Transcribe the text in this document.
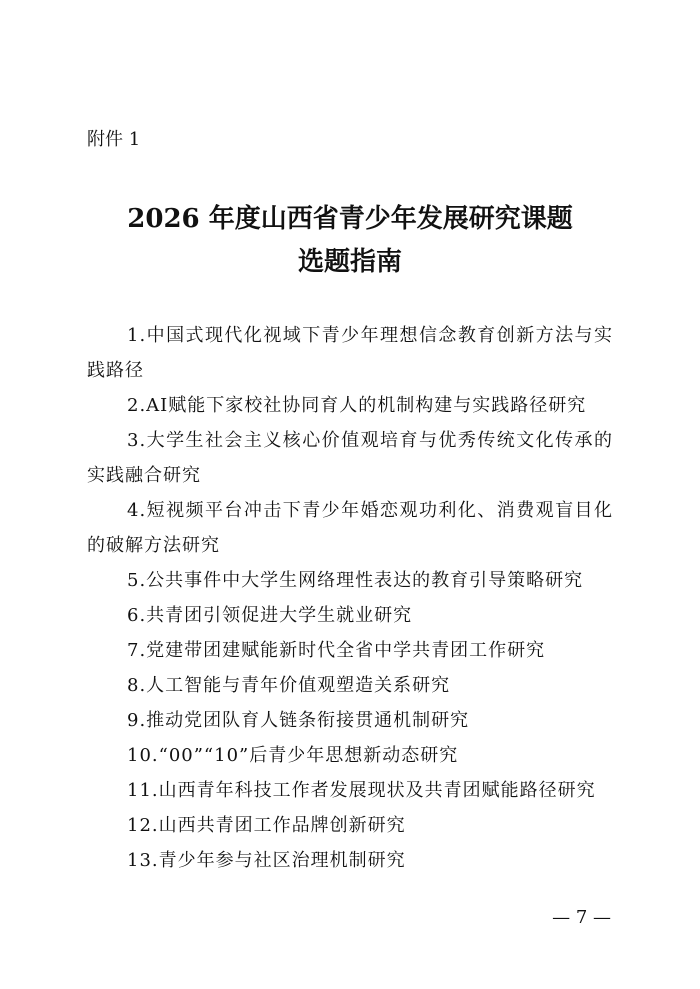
附件 1
2026 年度山西省青少年发展研究课题
选题指南
1.中国式现代化视域下青少年理想信念教育创新方法与实践路径
2.AI赋能下家校社协同育人的机制构建与实践路径研究
3.大学生社会主义核心价值观培育与优秀传统文化传承的实践融合研究
4.短视频平台冲击下青少年婚恋观功利化、消费观盲目化的破解方法研究
5.公共事件中大学生网络理性表达的教育引导策略研究
6.共青团引领促进大学生就业研究
7.党建带团建赋能新时代全省中学共青团工作研究
8.人工智能与青年价值观塑造关系研究
9.推动党团队育人链条衔接贯通机制研究
10.“00”“10”后青少年思想新动态研究
11.山西青年科技工作者发展现状及共青团赋能路径研究
12.山西共青团工作品牌创新研究
13.青少年参与社区治理机制研究
— 7 —
